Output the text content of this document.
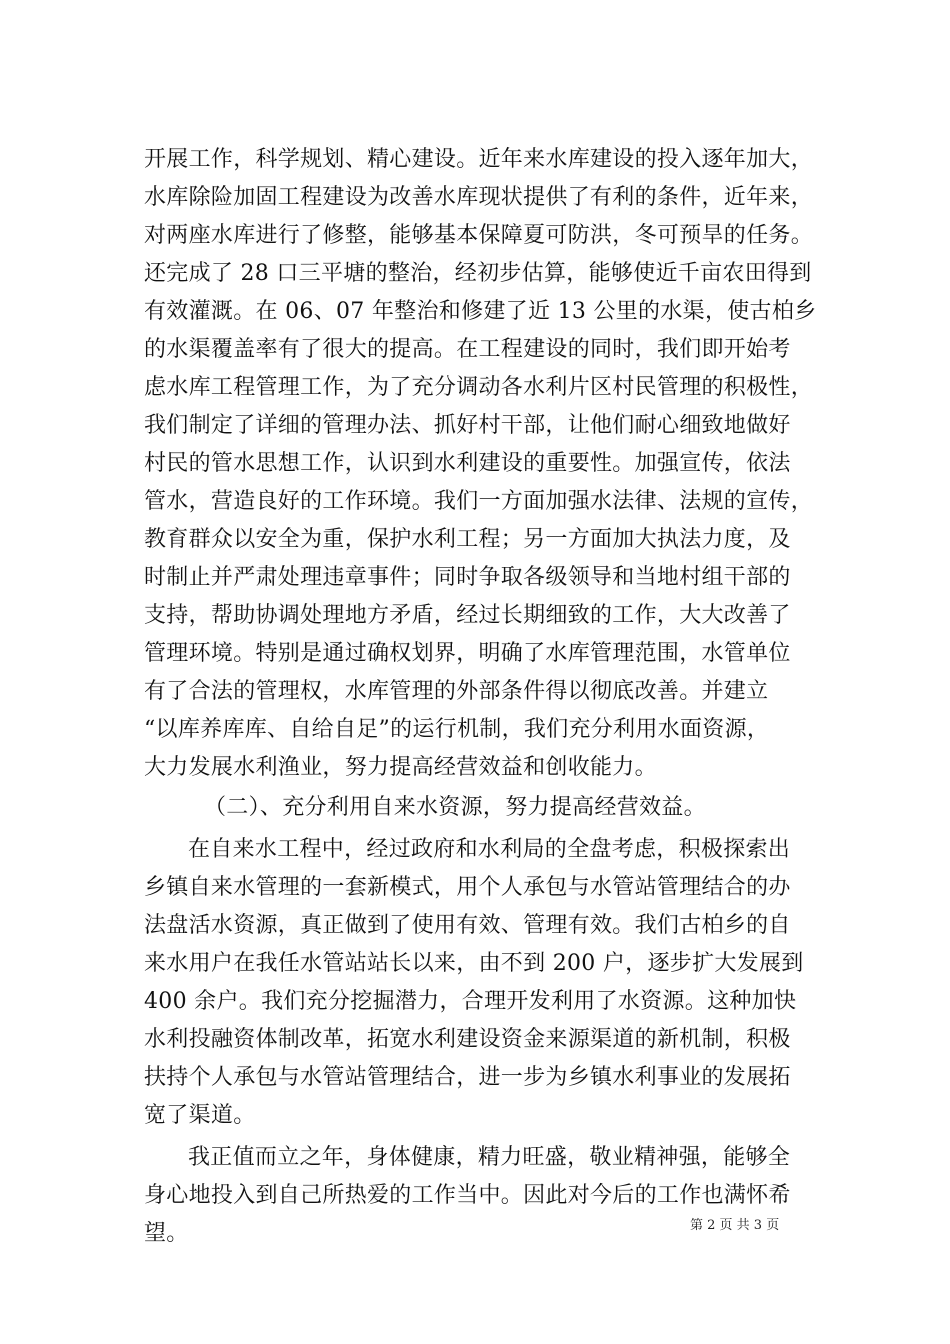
开展工作，科学规划、精心建设。近年来水库建设的投入逐年加大，
水库除险加固工程建设为改善水库现状提供了有利的条件，近年来，
对两座水库进行了修整，能够基本保障夏可防洪，冬可预旱的任务。
还完成了 28 口三平塘的整治，经初步估算，能够使近千亩农田得到
有效灌溉。在 06、07 年整治和修建了近 13 公里的水渠，使古柏乡
的水渠覆盖率有了很大的提高。在工程建设的同时，我们即开始考
虑水库工程管理工作，为了充分调动各水利片区村民管理的积极性，
我们制定了详细的管理办法、抓好村干部，让他们耐心细致地做好
村民的管水思想工作，认识到水利建设的重要性。加强宣传，依法
管水，营造良好的工作环境。我们一方面加强水法律、法规的宣传，
教育群众以安全为重，保护水利工程；另一方面加大执法力度，及
时制止并严肃处理违章事件；同时争取各级领导和当地村组干部的
支持，帮助协调处理地方矛盾，经过长期细致的工作，大大改善了
管理环境。特别是通过确权划界，明确了水库管理范围，水管单位
有了合法的管理权，水库管理的外部条件得以彻底改善。并建立
“以库养库库、自给自足”的运行机制，我们充分利用水面资源，
大力发展水利渔业，努力提高经营效益和创收能力。
（二）、充分利用自来水资源，努力提高经营效益。
在自来水工程中，经过政府和水利局的全盘考虑，积极探索出
乡镇自来水管理的一套新模式，用个人承包与水管站管理结合的办
法盘活水资源，真正做到了使用有效、管理有效。我们古柏乡的自
来水用户在我任水管站站长以来，由不到 200 户，逐步扩大发展到
400 余户。我们充分挖掘潜力，合理开发利用了水资源。这种加快
水利投融资体制改革，拓宽水利建设资金来源渠道的新机制，积极
扶持个人承包与水管站管理结合，进一步为乡镇水利事业的发展拓
宽了渠道。
我正值而立之年，身体健康，精力旺盛，敬业精神强，能够全
身心地投入到自己所热爱的工作当中。因此对今后的工作也满怀希
望。	第 2 页 共 3 页
